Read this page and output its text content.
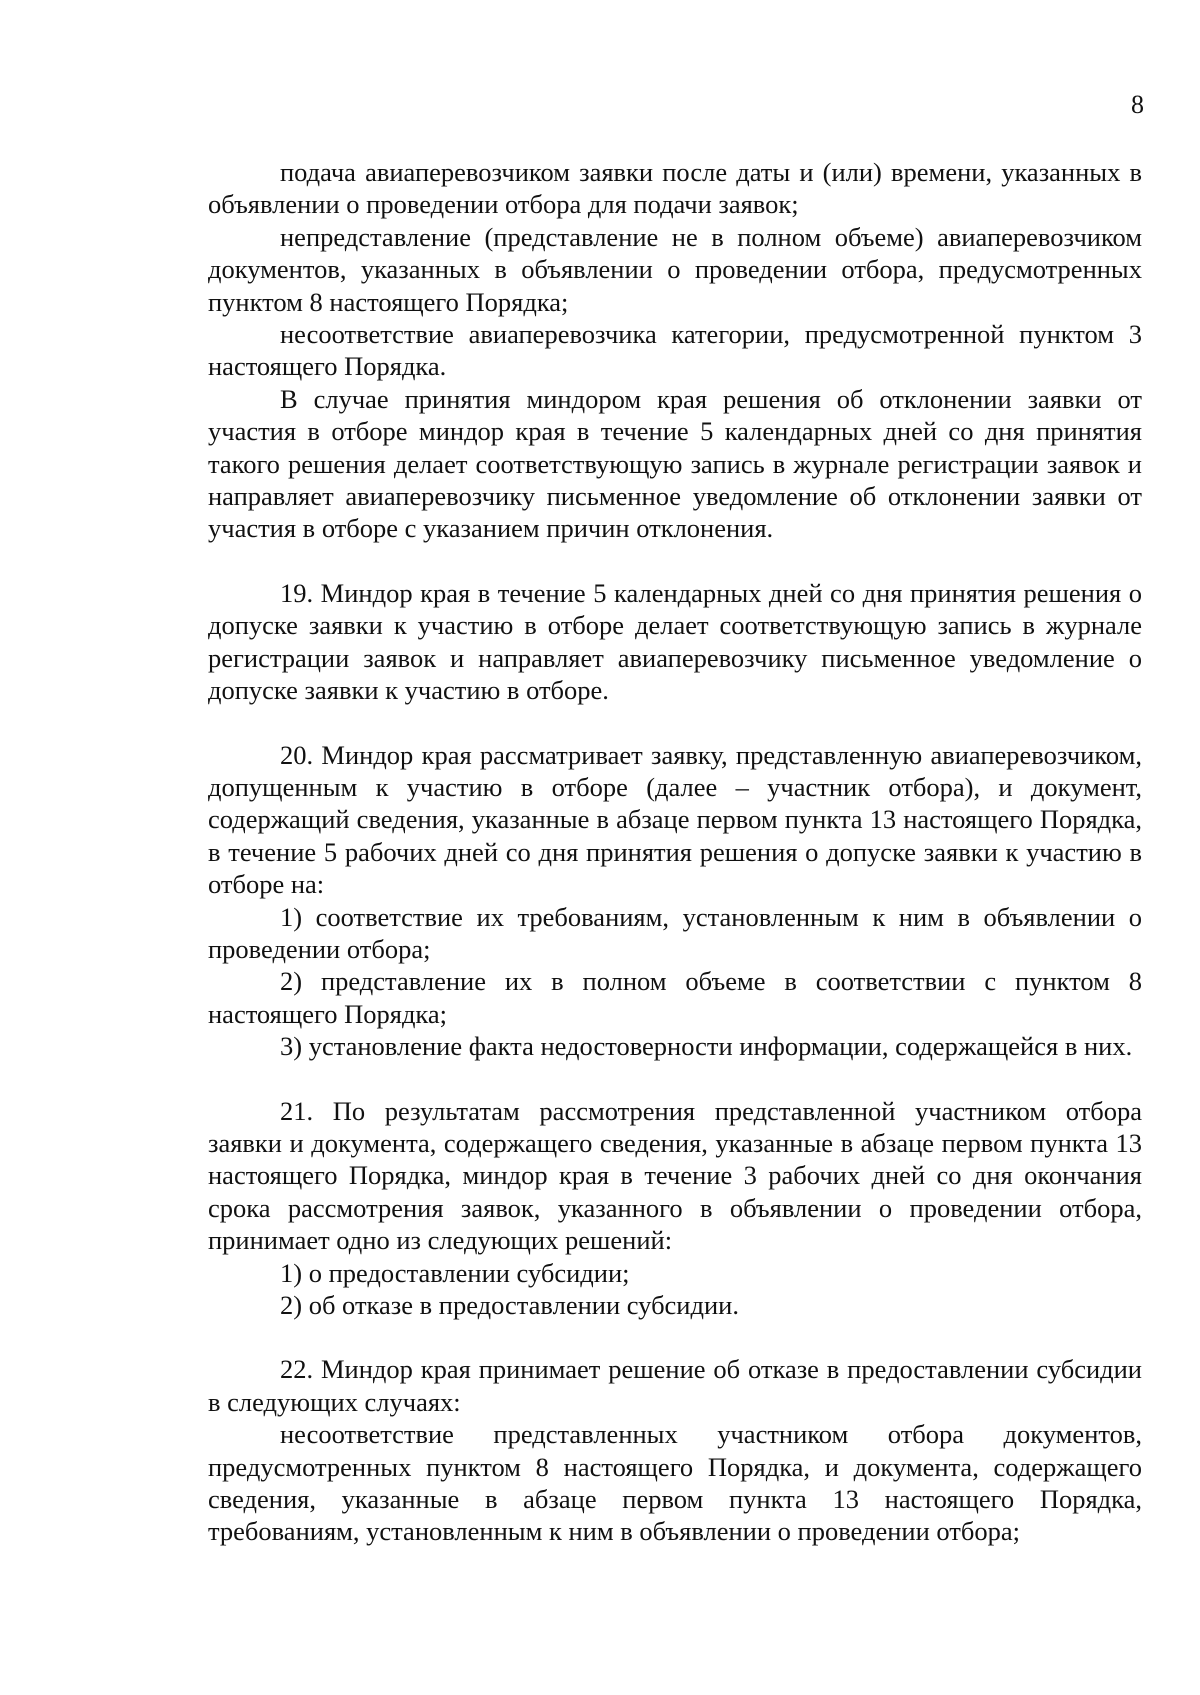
8

подача авиаперевозчиком заявки после даты и (или) времени, указанных в объявлении о проведении отбора для подачи заявок;

непредставление (представление не в полном объеме) авиаперевозчиком документов, указанных в объявлении о проведении отбора, предусмотренных пунктом 8 настоящего Порядка;

несоответствие авиаперевозчика категории, предусмотренной пунктом 3 настоящего Порядка.

В случае принятия миндором края решения об отклонении заявки от участия в отборе миндор края в течение 5 календарных дней со дня принятия такого решения делает соответствующую запись в журнале регистрации заявок и направляет авиаперевозчику письменное уведомление об отклонении заявки от участия в отборе с указанием причин отклонения.

19. Миндор края в течение 5 календарных дней со дня принятия решения о допуске заявки к участию в отборе делает соответствующую запись в журнале регистрации заявок и направляет авиаперевозчику письменное уведомление о допуске заявки к участию в отборе.

20. Миндор края рассматривает заявку, представленную авиаперевозчиком, допущенным к участию в отборе (далее – участник отбора), и документ, содержащий сведения, указанные в абзаце первом пункта 13 настоящего Порядка, в течение 5 рабочих дней со дня принятия решения о допуске заявки к участию в отборе на:

1) соответствие их требованиям, установленным к ним в объявлении о проведении отбора;

2) представление их в полном объеме в соответствии с пунктом 8 настоящего Порядка;

3) установление факта недостоверности информации, содержащейся в них.

21. По результатам рассмотрения представленной участником отбора заявки и документа, содержащего сведения, указанные в абзаце первом пункта 13 настоящего Порядка, миндор края в течение 3 рабочих дней со дня окончания срока рассмотрения заявок, указанного в объявлении о проведении отбора, принимает одно из следующих решений:

1) о предоставлении субсидии;

2) об отказе в предоставлении субсидии.

22. Миндор края принимает решение об отказе в предоставлении субсидии в следующих случаях:

несоответствие представленных участником отбора документов, предусмотренных пунктом 8 настоящего Порядка, и документа, содержащего сведения, указанные в абзаце первом пункта 13 настоящего Порядка, требованиям, установленным к ним в объявлении о проведении отбора;
